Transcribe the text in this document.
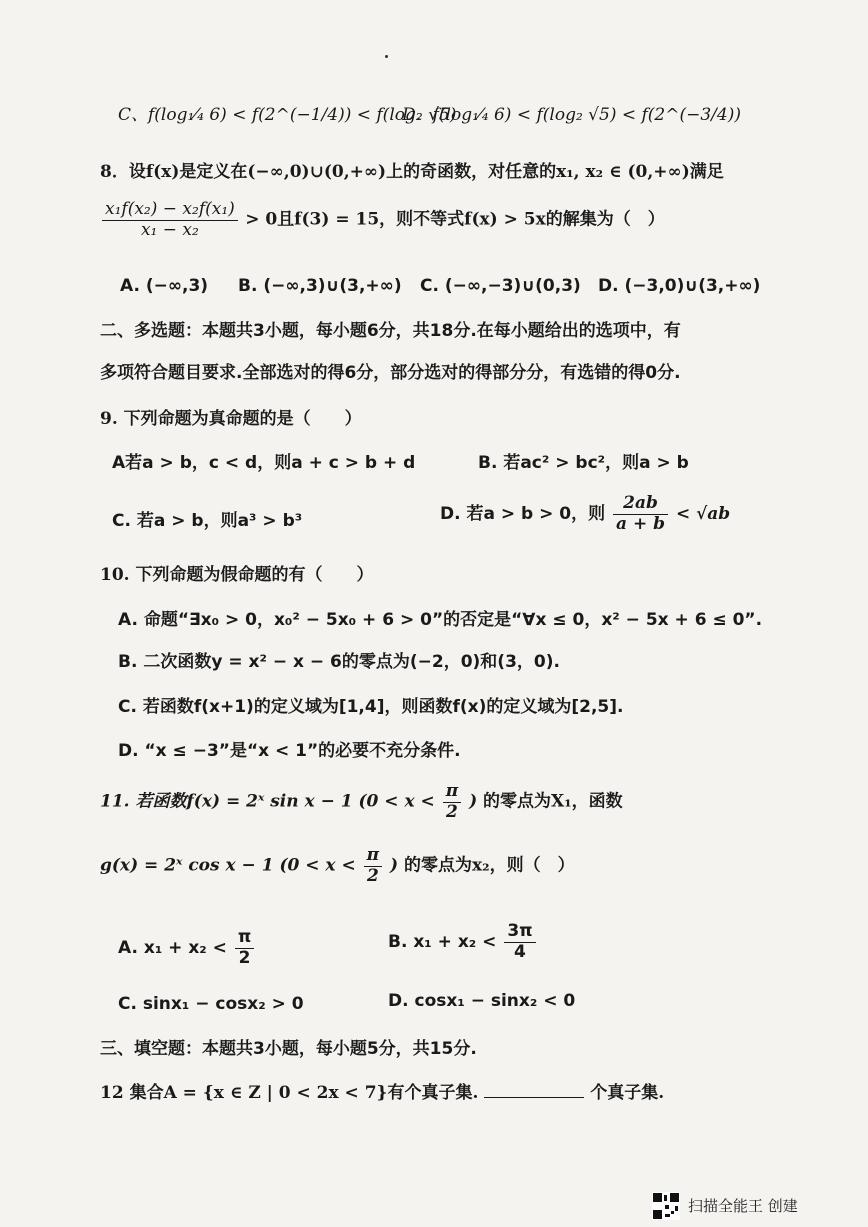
C、f(log₁⁄₄ 6) < f(2^(−1/4)) < f(log₂ √5)
D．f(log₁⁄₄ 6) < f(log₂ √5) < f(2^(−3/4))
8．设f(x)是定义在(−∞,0)∪(0,+∞)上的奇函数，对任意的x₁, x₂ ∈ (0,+∞)满足
$\frac{\text{x₁f(x₂) − x₂f(x₁)}}{\text{x₁ − x₂}} > 0$且f(3) = 15，则不等式f(x) > 5x的解集为（　）
A. (−∞,3) B. (−∞,3)∪(3,+∞) C. (−∞,−3)∪(0,3) D. (−3,0)∪(3,+∞)
二、多选题：本题共3小题，每小题6分，共18分.在每小题给出的选项中，有
多项符合题目要求.全部选对的得6分，部分选对的得部分分，有选错的得0分.
9. 下列命题为真命题的是（　　）
A若a > b，c < d，则a + c > b + d	B. 若ac² > bc²，则a > b
C. 若a > b，则a³ > b³	D. 若a > b > 0，则 $\frac{2ab}{a + b} < √ab$
10. 下列命题为假命题的有（　　）
A. 命题“∃x₀ > 0，x₀² − 5x₀ + 6 > 0”的否定是“∀x ≤ 0，x² − 5x + 6 ≤ 0”.
B. 二次函数y = x² − x − 6的零点为(−2，0)和(3，0).
C. 若函数f(x+1)的定义域为[1,4]，则函数f(x)的定义域为[2,5].
D. “x ≤ −3”是“x < 1”的必要不充分条件.
11. 若函数f(x) = 2ˣ sin x − 1 ($0 < x < \frac{\pi}{2}$ ) 的零点为X₁，函数
g(x) = 2ˣ cos x − 1 ($0 < x < \frac{\pi}{2}$ ) 的零点为x₂，则（　）
A. $x_1 + x_2 < \frac{\pi}{2}$	B. $x_1 + x_2 < \frac{3\pi}{4}$
C. sinx₁ − cosx₂ > 0	D. cosx₁ − sinx₂ < 0
三、填空题：本题共3小题，每小题5分，共15分.
12 集合A = {x ∈ Z | 0 < 2x < 7}有个真子集.	个真子集.
扫描全能王 创建
